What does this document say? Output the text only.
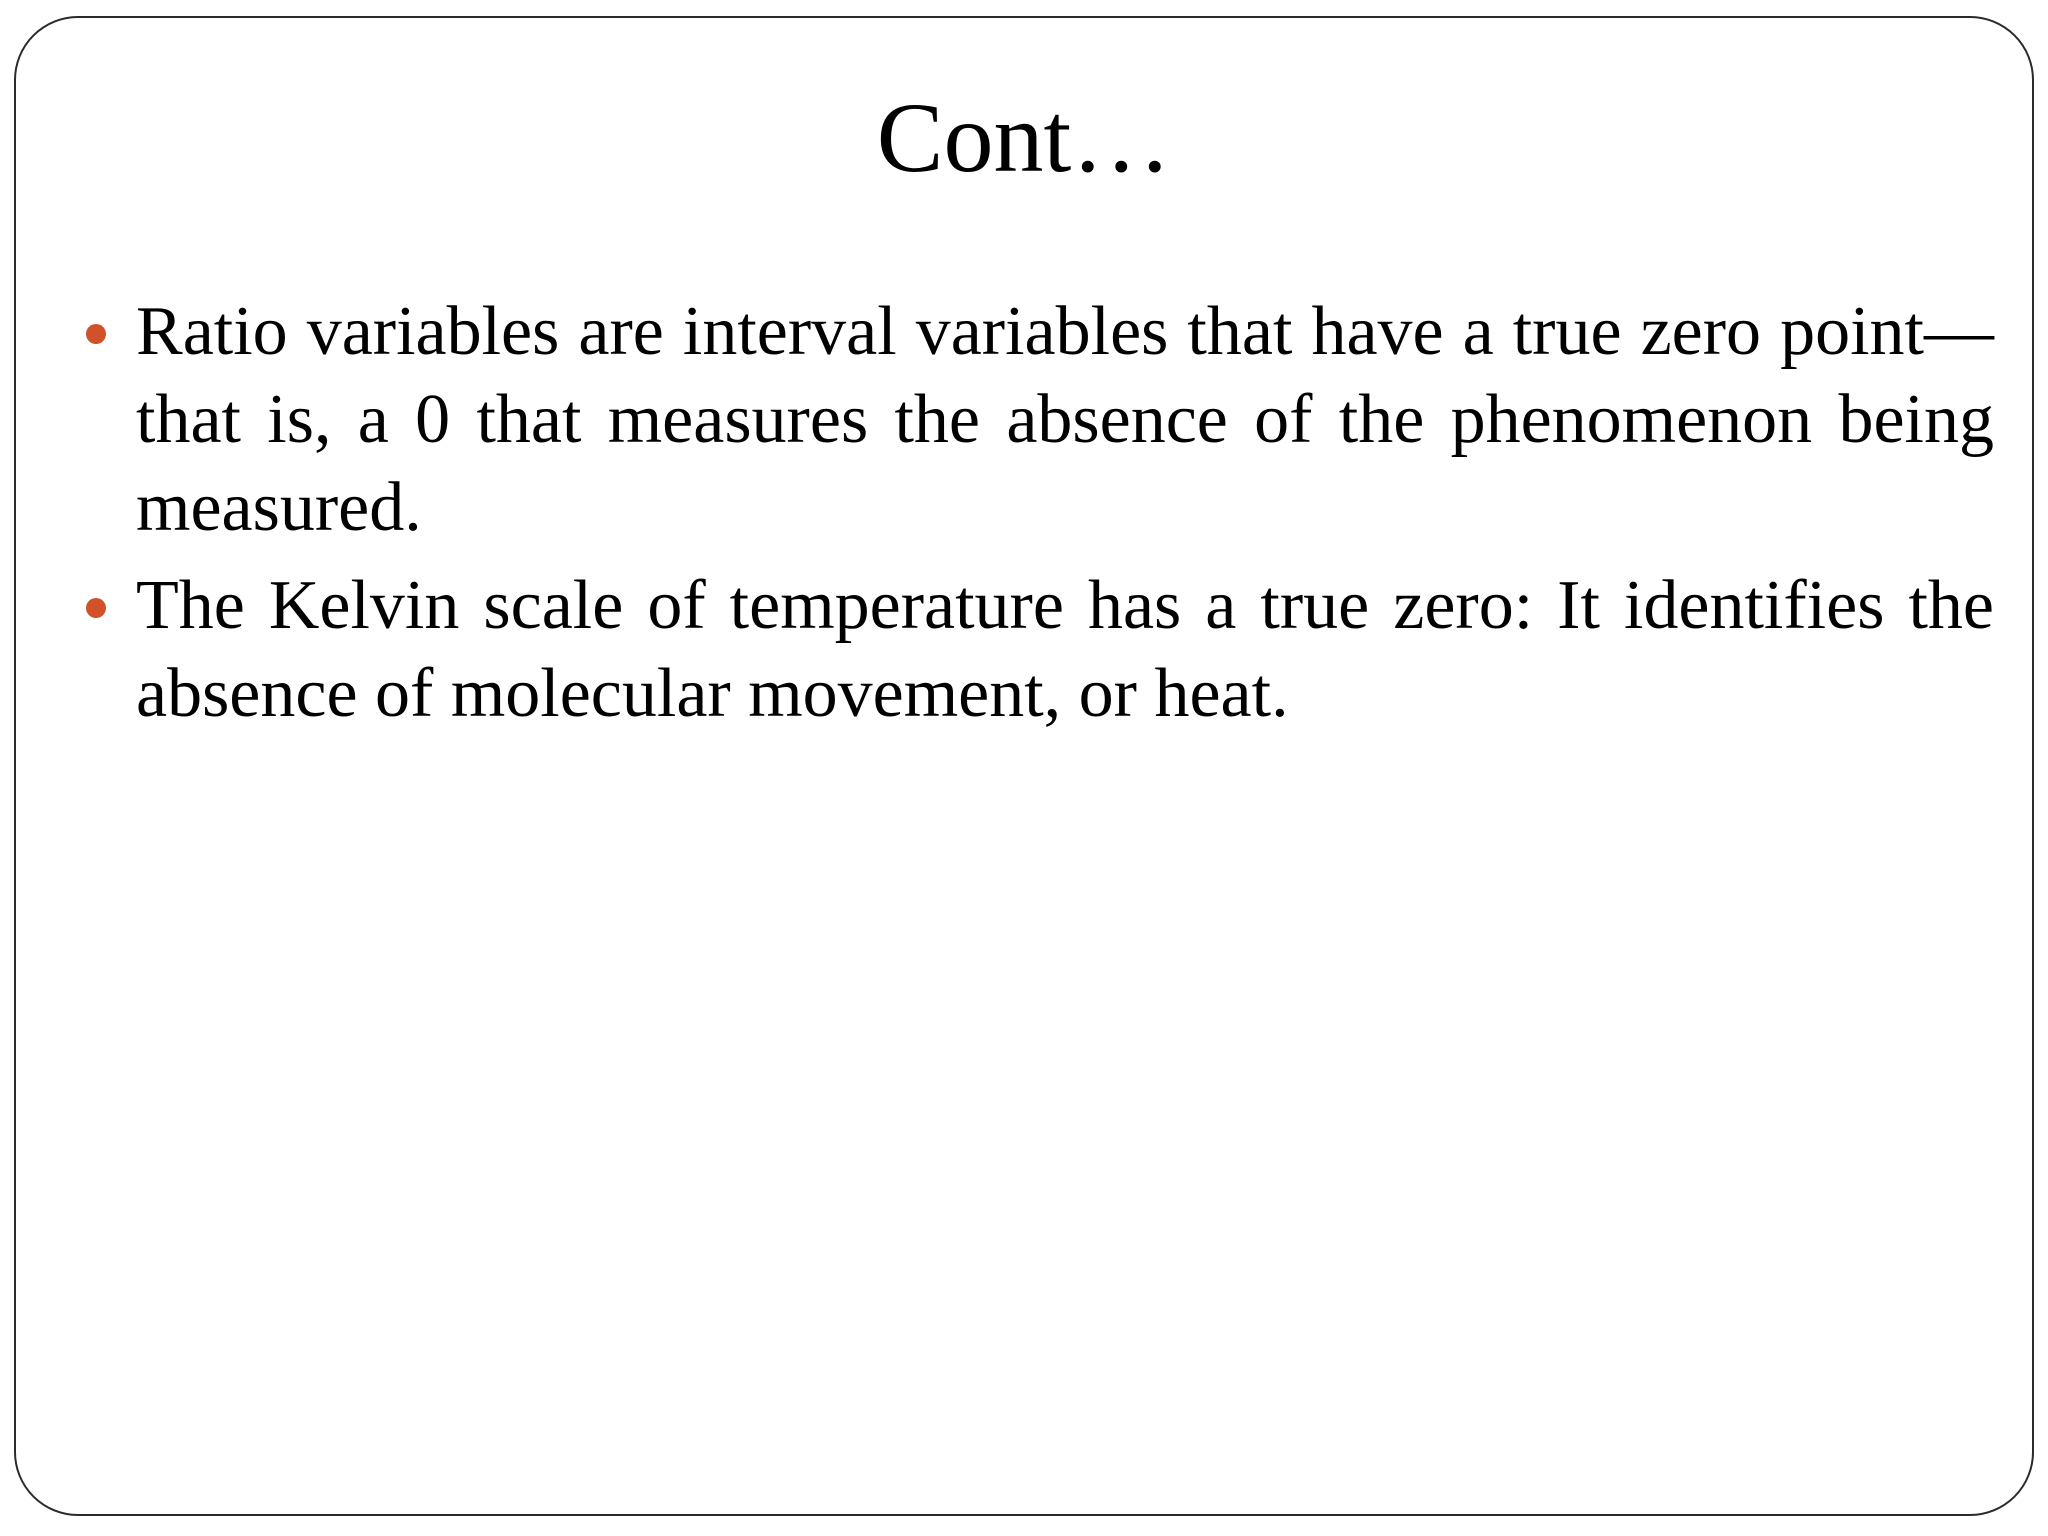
Cont…
Ratio variables are interval variables that have a true zero point—that is, a 0 that measures the absence of the phenomenon being measured.
The Kelvin scale of temperature has a true zero: It identifies the absence of molecular movement, or heat.
